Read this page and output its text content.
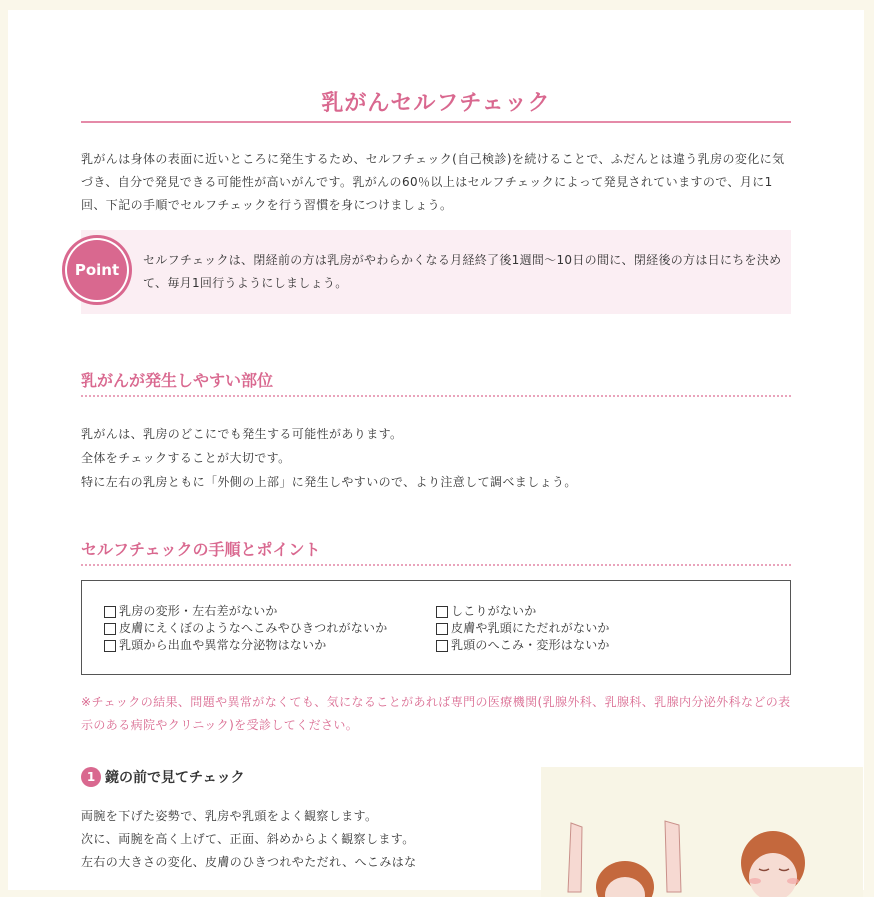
乳がんセルフチェック

乳がんは身体の表面に近いところに発生するため、セルフチェック(自己検診)を続けることで、ふだんとは違う乳房の変化に気づき、自分で発見できる可能性が高いがんです。乳がんの60％以上はセルフチェックによって発見されていますので、月に1回、下記の手順でセルフチェックを行う習慣を身につけましょう。

Point
セルフチェックは、閉経前の方は乳房がやわらかくなる月経終了後1週間～10日の間に、閉経後の方は日にちを決めて、毎月1回行うようにしましょう。
乳がんが発生しやすい部位
乳がんは、乳房のどこにでも発生する可能性があります。
全体をチェックすることが大切です。
特に左右の乳房ともに「外側の上部」に発生しやすいので、より注意して調べましょう。
セルフチェックの手順とポイント
乳房の変形・左右差がないか
皮膚にえくぼのようなへこみやひきつれがないか
乳頭から出血や異常な分泌物はないか
しこりがないか
皮膚や乳頭にただれがないか
乳頭のへこみ・変形はないか

※チェックの結果、問題や異常がなくても、気になることがあれば専門の医療機関(乳腺外科、乳腺科、乳腺内分泌外科などの表示のある病院やクリニック)を受診してください。

1 鏡の前で見てチェック
両腕を下げた姿勢で、乳房や乳頭をよく観察します。
次に、両腕を高く上げて、正面、斜めからよく観察します。
左右の大きさの変化、皮膚のひきつれやただれ、へこみはな
